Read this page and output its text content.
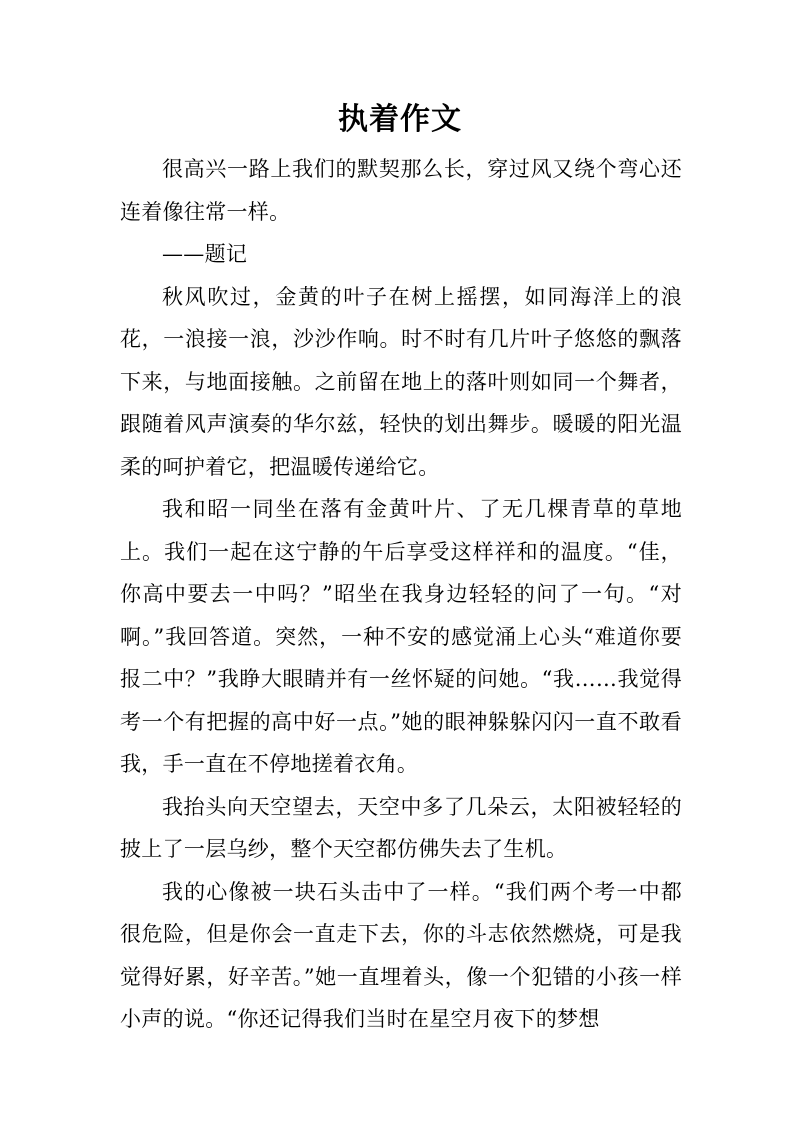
执着作文

很高兴一路上我们的默契那么长，穿过风又绕个弯心还连着像往常一样。

——题记

秋风吹过，金黄的叶子在树上摇摆，如同海洋上的浪花，一浪接一浪，沙沙作响。时不时有几片叶子悠悠的飘落下来，与地面接触。之前留在地上的落叶则如同一个舞者，跟随着风声演奏的华尔兹，轻快的划出舞步。暖暖的阳光温柔的呵护着它，把温暖传递给它。

我和昭一同坐在落有金黄叶片、了无几棵青草的草地上。我们一起在这宁静的午后享受这样祥和的温度。“佳，你高中要去一中吗？”昭坐在我身边轻轻的问了一句。“对啊。”我回答道。突然，一种不安的感觉涌上心头“难道你要报二中？”我睁大眼睛并有一丝怀疑的问她。“我……我觉得考一个有把握的高中好一点。”她的眼神躲躲闪闪一直不敢看我，手一直在不停地搓着衣角。

我抬头向天空望去，天空中多了几朵云，太阳被轻轻的披上了一层乌纱，整个天空都仿佛失去了生机。

我的心像被一块石头击中了一样。“我们两个考一中都很危险，但是你会一直走下去，你的斗志依然燃烧，可是我觉得好累，好辛苦。”她一直埋着头，像一个犯错的小孩一样小声的说。“你还记得我们当时在星空月夜下的梦想
